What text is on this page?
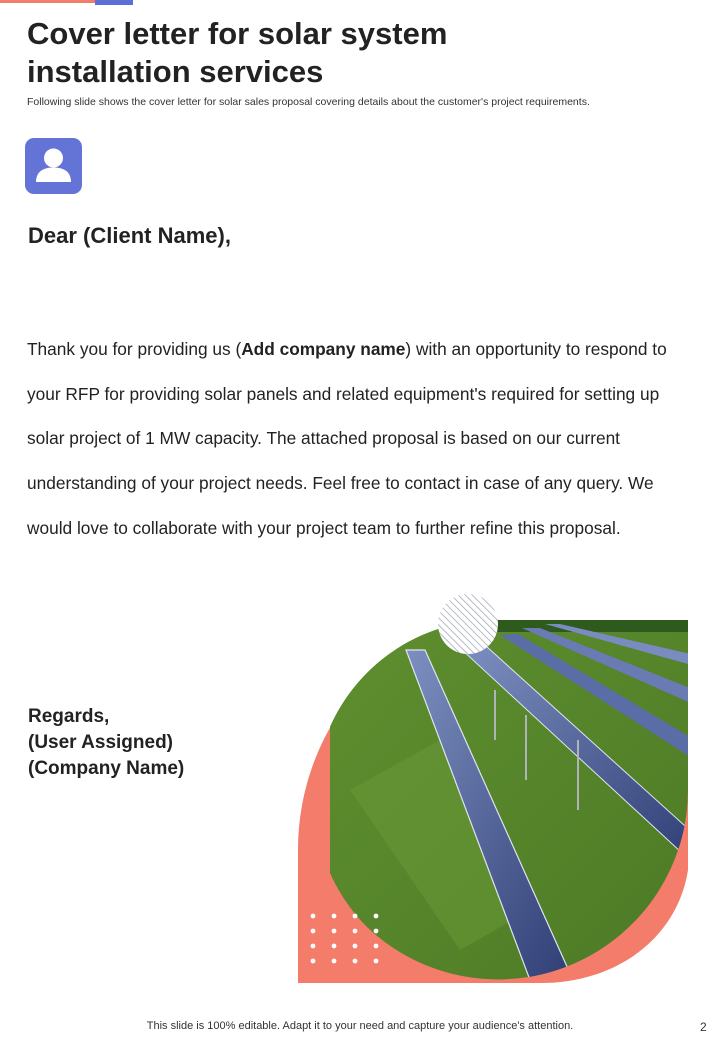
Cover letter for solar system installation services
Following slide shows the cover letter for solar sales proposal covering details about the customer's project requirements.
Dear (Client Name),

Thank you for providing us (Add company name) with an opportunity to respond to your RFP for providing solar panels and related equipment's required for setting up solar project of 1 MW capacity. The attached proposal is based on our current understanding of your project needs. Feel free to contact in case of any query. We would love to collaborate with your project team to further refine this proposal.

Regards,
(User Assigned)
(Company Name)
This slide is 100% editable. Adapt it to your need and capture your audience's attention.	2
